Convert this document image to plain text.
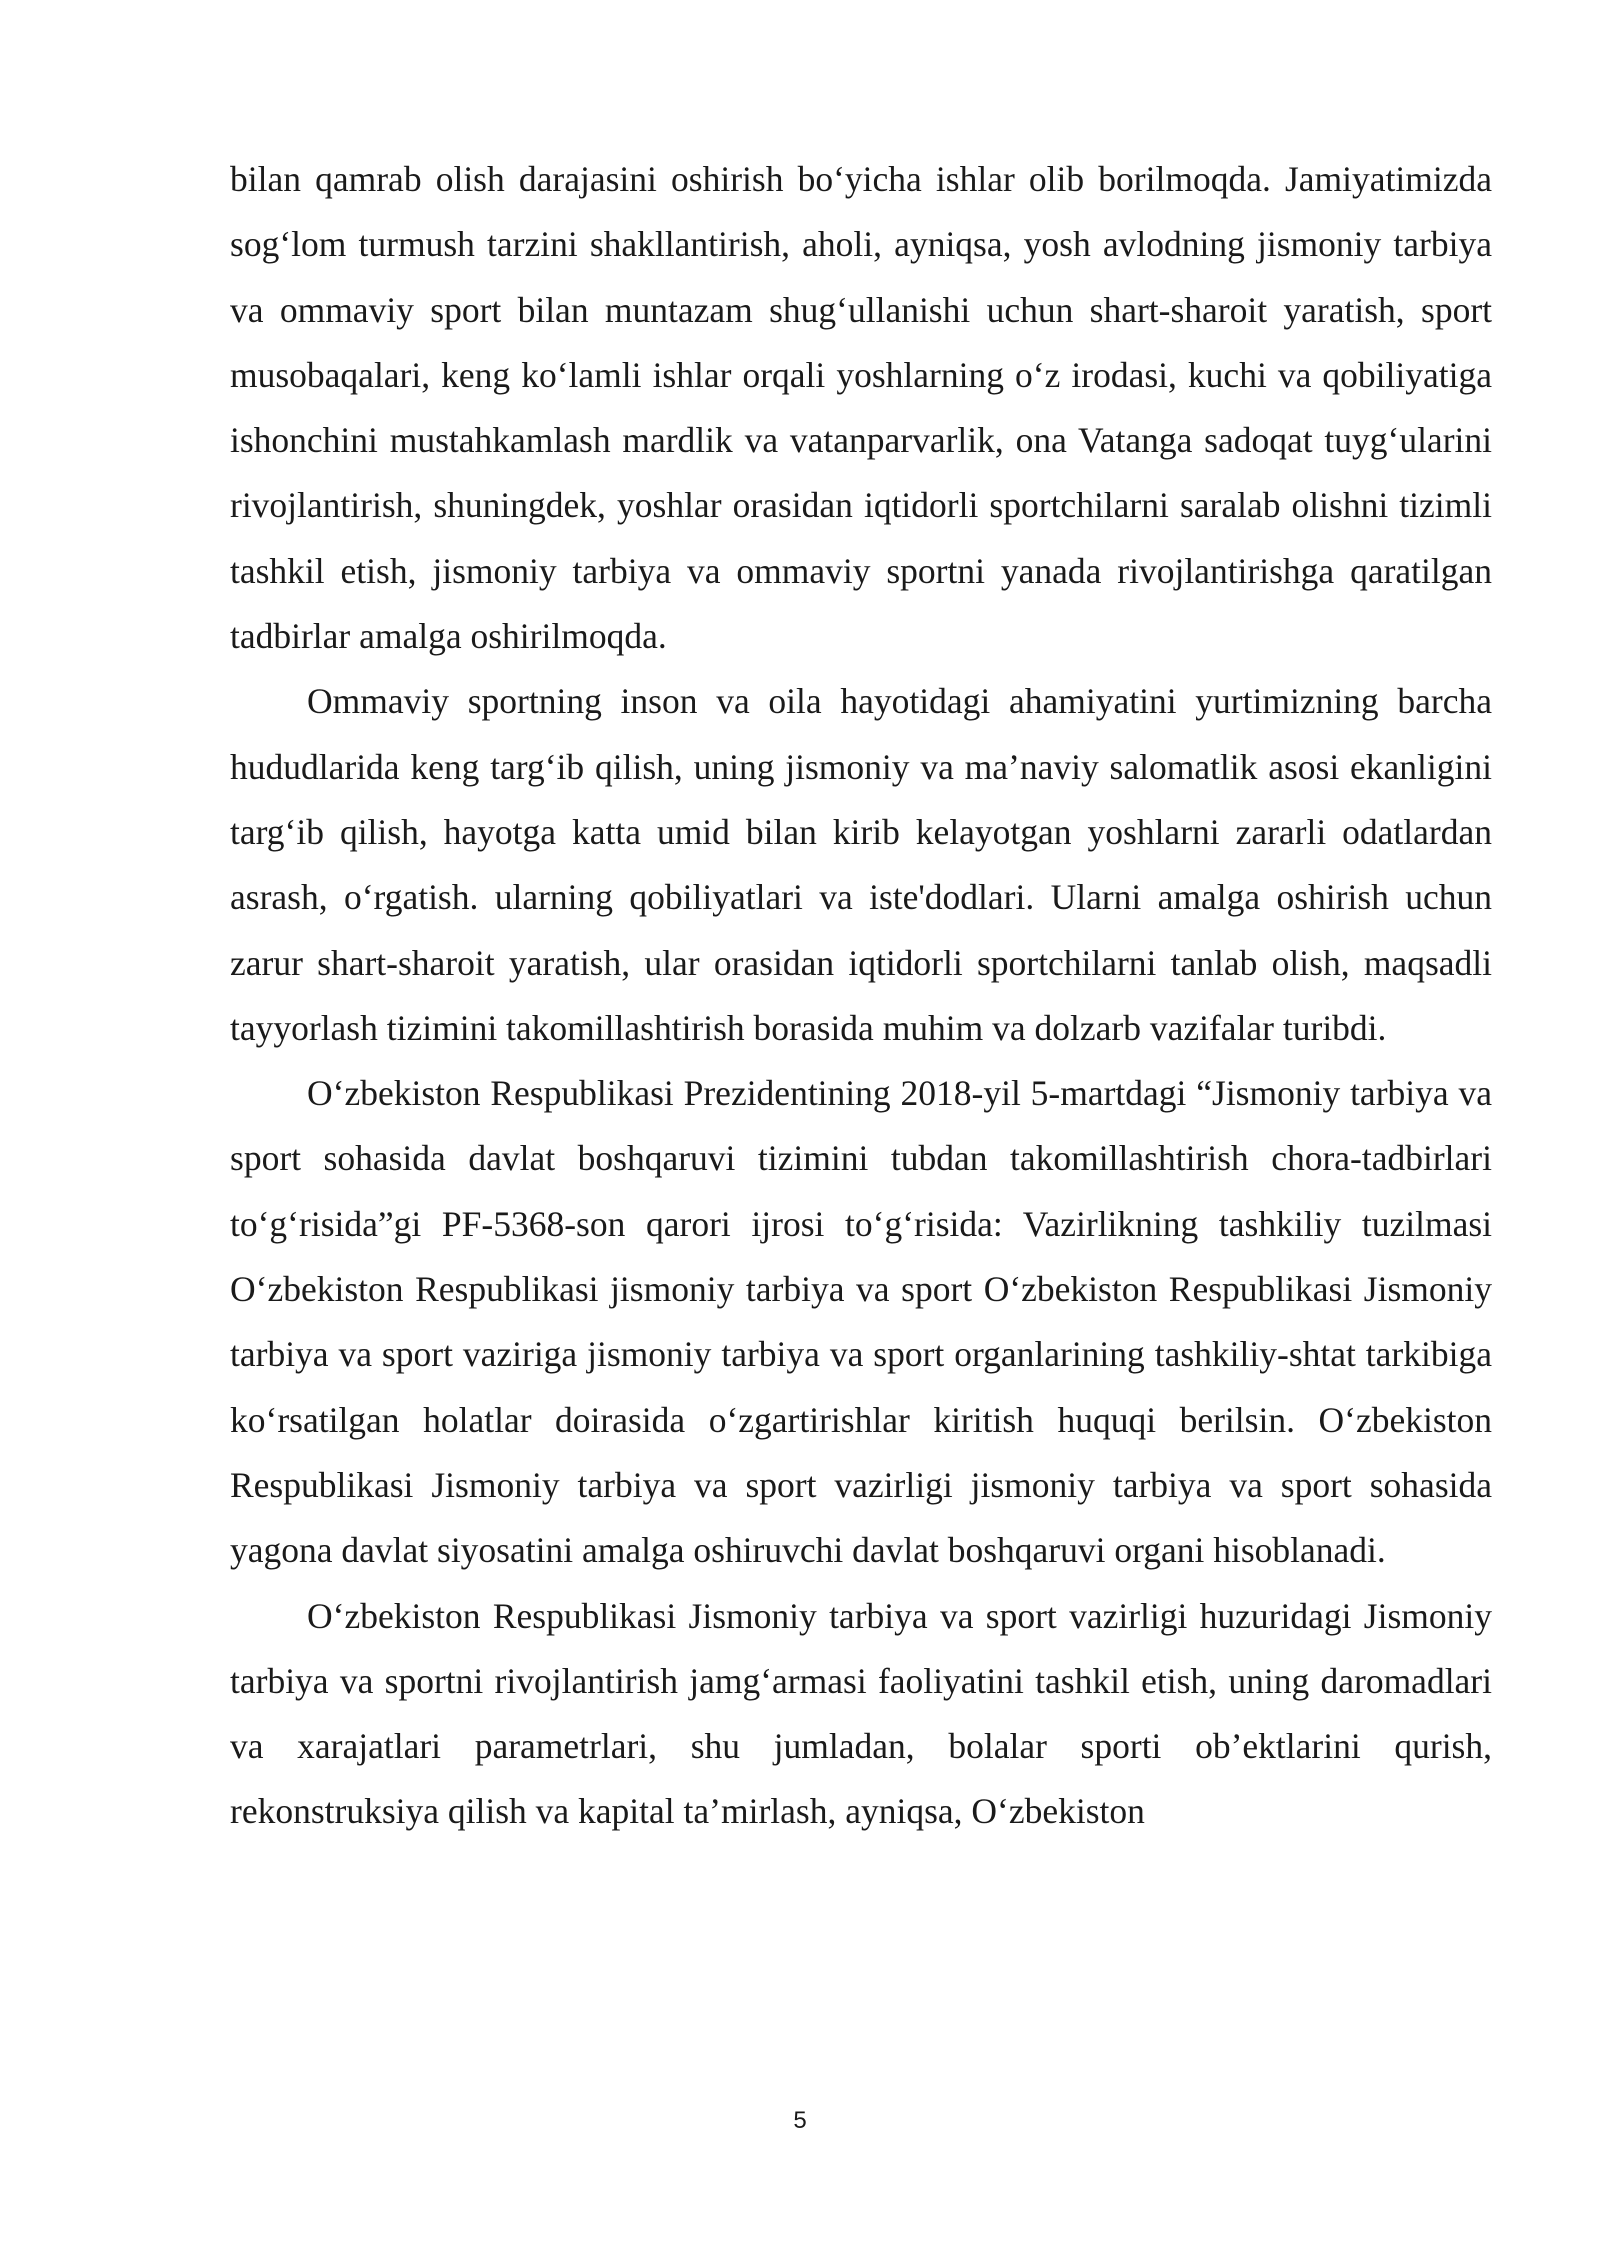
bilan qamrab olish darajasini oshirish bo‘yicha ishlar olib borilmoqda. Jamiyatimizda sog‘lom turmush tarzini shakllantirish, aholi, ayniqsa, yosh avlodning jismoniy tarbiya va ommaviy sport bilan muntazam shug‘ullanishi uchun shart-sharoit yaratish, sport musobaqalari, keng ko‘lamli ishlar orqali yoshlarning o‘z irodasi, kuchi va qobiliyatiga ishonchini mustahkamlash mardlik va vatanparvarlik, ona Vatanga sadoqat tuyg‘ularini rivojlantirish, shuningdek, yoshlar orasidan iqtidorli sportchilarni saralab olishni tizimli tashkil etish, jismoniy tarbiya va ommaviy sportni yanada rivojlantirishga qaratilgan tadbirlar amalga oshirilmoqda.

Ommaviy sportning inson va oila hayotidagi ahamiyatini yurtimizning barcha hududlarida keng targ‘ib qilish, uning jismoniy va ma’naviy salomatlik asosi ekanligini targ‘ib qilish, hayotga katta umid bilan kirib kelayotgan yoshlarni zararli odatlardan asrash, o‘rgatish. ularning qobiliyatlari va iste'dodlari. Ularni amalga oshirish uchun zarur shart-sharoit yaratish, ular orasidan iqtidorli sportchilarni tanlab olish, maqsadli tayyorlash tizimini takomillashtirish borasida muhim va dolzarb vazifalar turibdi.

O‘zbekiston Respublikasi Prezidentining 2018-yil 5-martdagi “Jismoniy tarbiya va sport sohasida davlat boshqaruvi tizimini tubdan takomillashtirish chora-tadbirlari to‘g‘risida”gi PF-5368-son qarori ijrosi to‘g‘risida: Vazirlikning tashkiliy tuzilmasi O‘zbekiston Respublikasi jismoniy tarbiya va sport O‘zbekiston Respublikasi Jismoniy tarbiya va sport vaziriga jismoniy tarbiya va sport organlarining tashkiliy-shtat tarkibiga ko‘rsatilgan holatlar doirasida o‘zgartirishlar kiritish huquqi berilsin. O‘zbekiston Respublikasi Jismoniy tarbiya va sport vazirligi jismoniy tarbiya va sport sohasida yagona davlat siyosatini amalga oshiruvchi davlat boshqaruvi organi hisoblanadi.

O‘zbekiston Respublikasi Jismoniy tarbiya va sport vazirligi huzuridagi Jismoniy tarbiya va sportni rivojlantirish jamg‘armasi faoliyatini tashkil etish, uning daromadlari va xarajatlari parametrlari, shu jumladan, bolalar sporti ob’ektlarini qurish, rekonstruksiya qilish va kapital ta’mirlash, ayniqsa, O‘zbekiston

5
